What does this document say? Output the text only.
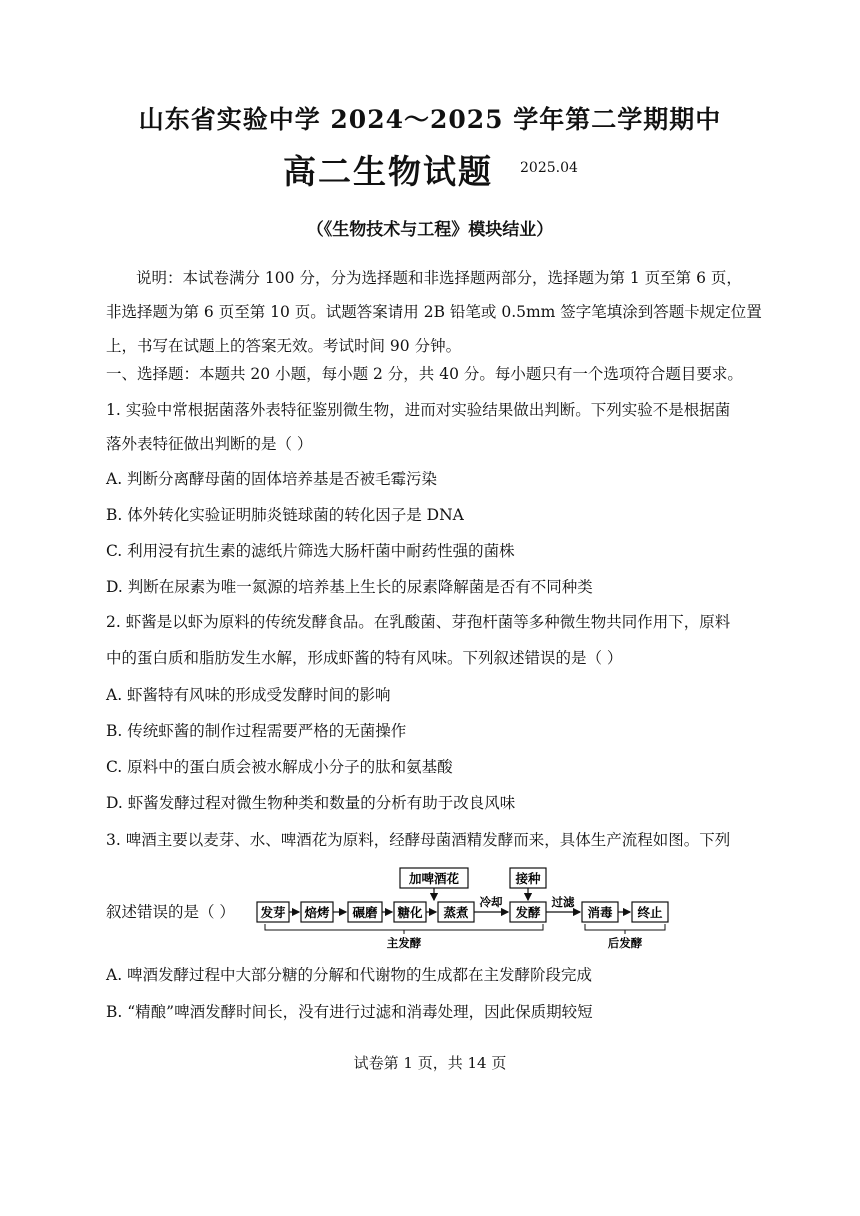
山东省实验中学 2024～2025 学年第二学期期中
高二生物试题 2025.04
（《生物技术与工程》模块结业）
说明：本试卷满分 100 分，分为选择题和非选择题两部分，选择题为第 1 页至第 6 页，
非选择题为第 6 页至第 10 页。试题答案请用 2B 铅笔或 0.5mm 签字笔填涂到答题卡规定位置
上，书写在试题上的答案无效。考试时间 90 分钟。
一、选择题：本题共 20 小题，每小题 2 分，共 40 分。每小题只有一个选项符合题目要求。
1. 实验中常根据菌落外表特征鉴别微生物，进而对实验结果做出判断。下列实验不是根据菌
落外表特征做出判断的是（ ）
A. 判断分离酵母菌的固体培养基是否被毛霉污染
B. 体外转化实验证明肺炎链球菌的转化因子是 DNA
C. 利用浸有抗生素的滤纸片筛选大肠杆菌中耐药性强的菌株
D. 判断在尿素为唯一氮源的培养基上生长的尿素降解菌是否有不同种类
2. 虾酱是以虾为原料的传统发酵食品。在乳酸菌、芽孢杆菌等多种微生物共同作用下，原料
中的蛋白质和脂肪发生水解，形成虾酱的特有风味。下列叙述错误的是（ ）
A. 虾酱特有风味的形成受发酵时间的影响
B. 传统虾酱的制作过程需要严格的无菌操作
C. 原料中的蛋白质会被水解成小分子的肽和氨基酸
D. 虾酱发酵过程对微生物种类和数量的分析有助于改良风味
3. 啤酒主要以麦芽、水、啤酒花为原料，经酵母菌酒精发酵而来，具体生产流程如图。下列
叙述错误的是（ ）
加啤酒花	接种
发芽 焙烤 碾磨 糖化 蒸煮
冷却
发酵
过滤
消毒 终止
主发酵	后发酵
A. 啤酒发酵过程中大部分糖的分解和代谢物的生成都在主发酵阶段完成
B. “精酿”啤酒发酵时间长，没有进行过滤和消毒处理，因此保质期较短
试卷第 1 页，共 14 页
